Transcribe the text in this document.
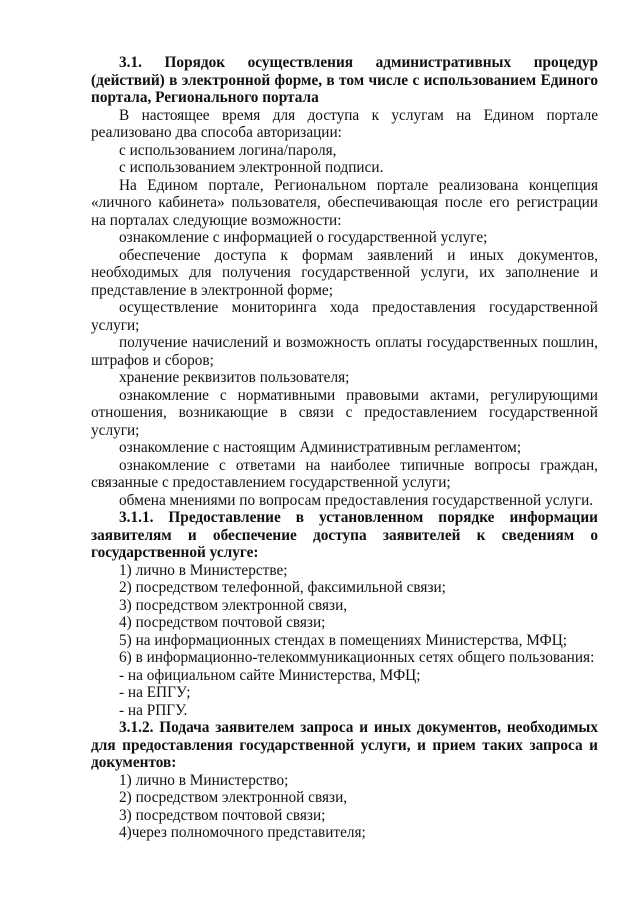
3.1. Порядок осуществления административных процедур (действий) в электронной форме, в том числе с использованием Единого портала, Регионального портала

В настоящее время для доступа к услугам на Едином портале реализовано два способа авторизации:

с использованием логина/пароля,

с использованием электронной подписи.

На Едином портале, Региональном портале реализована концепция «личного кабинета» пользователя, обеспечивающая после его регистрации на порталах следующие возможности:

ознакомление с информацией о государственной услуге;

обеспечение доступа к формам заявлений и иных документов, необходимых для получения государственной услуги, их заполнение и представление в электронной форме;

осуществление мониторинга хода предоставления государственной услуги;

получение начислений и возможность оплаты государственных пошлин, штрафов и сборов;

хранение реквизитов пользователя;

ознакомление с нормативными правовыми актами, регулирующими отношения, возникающие в связи с предоставлением государственной услуги;

ознакомление с настоящим Административным регламентом;

ознакомление с ответами на наиболее типичные вопросы граждан, связанные с предоставлением государственной услуги;

обмена мнениями по вопросам предоставления государственной услуги.

3.1.1. Предоставление в установленном порядке информации заявителям и обеспечение доступа заявителей к сведениям о государственной услуге:

1) лично в Министерстве;

2) посредством телефонной, факсимильной связи;

3) посредством электронной связи,

4) посредством почтовой связи;

5) на информационных стендах в помещениях Министерства, МФЦ;

6) в информационно-телекоммуникационных сетях общего пользования:

- на официальном сайте Министерства, МФЦ;

- на ЕПГУ;

- на РПГУ.

3.1.2. Подача заявителем запроса и иных документов, необходимых для предоставления государственной услуги, и прием таких запроса и документов:

1) лично в Министерство;

2) посредством электронной связи,

3) посредством почтовой связи;

4)через полномочного представителя;
